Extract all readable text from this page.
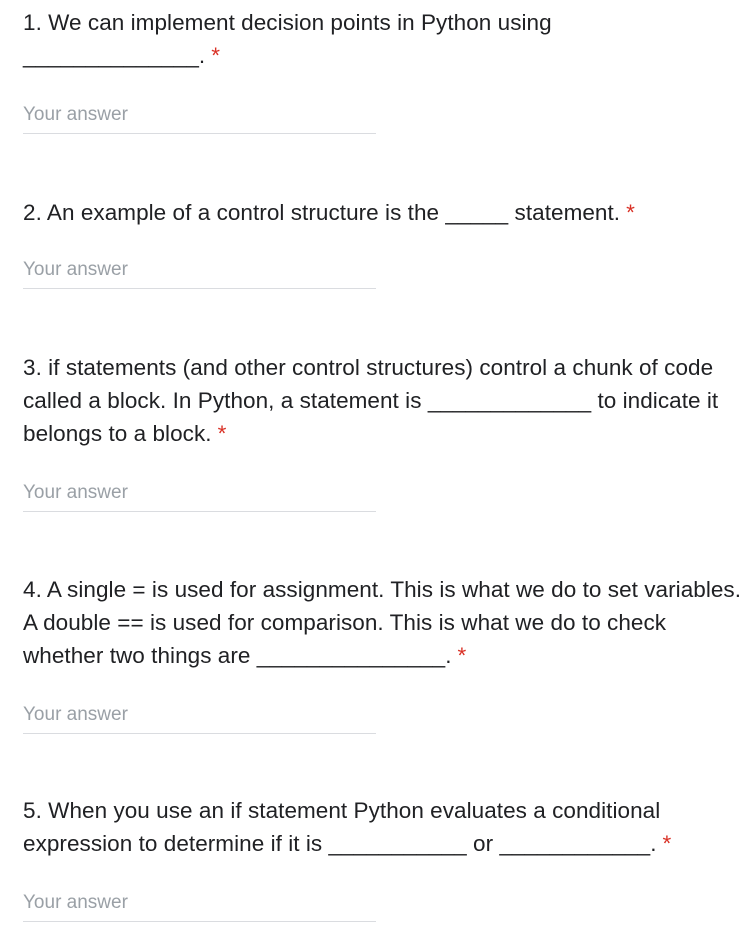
1. We can implement decision points in Python using ______________. *
Your answer
2. An example of a control structure is the _____ statement. *
Your answer
3. if statements (and other control structures) control a chunk of code called a block. In Python, a statement is _____________ to indicate it belongs to a block. *
Your answer
4. A single = is used for assignment. This is what we do to set variables. A double == is used for comparison. This is what we do to check whether two things are _______________. *
Your answer
5. When you use an if statement Python evaluates a conditional expression to determine if it is ___________ or ____________. *
Your answer
